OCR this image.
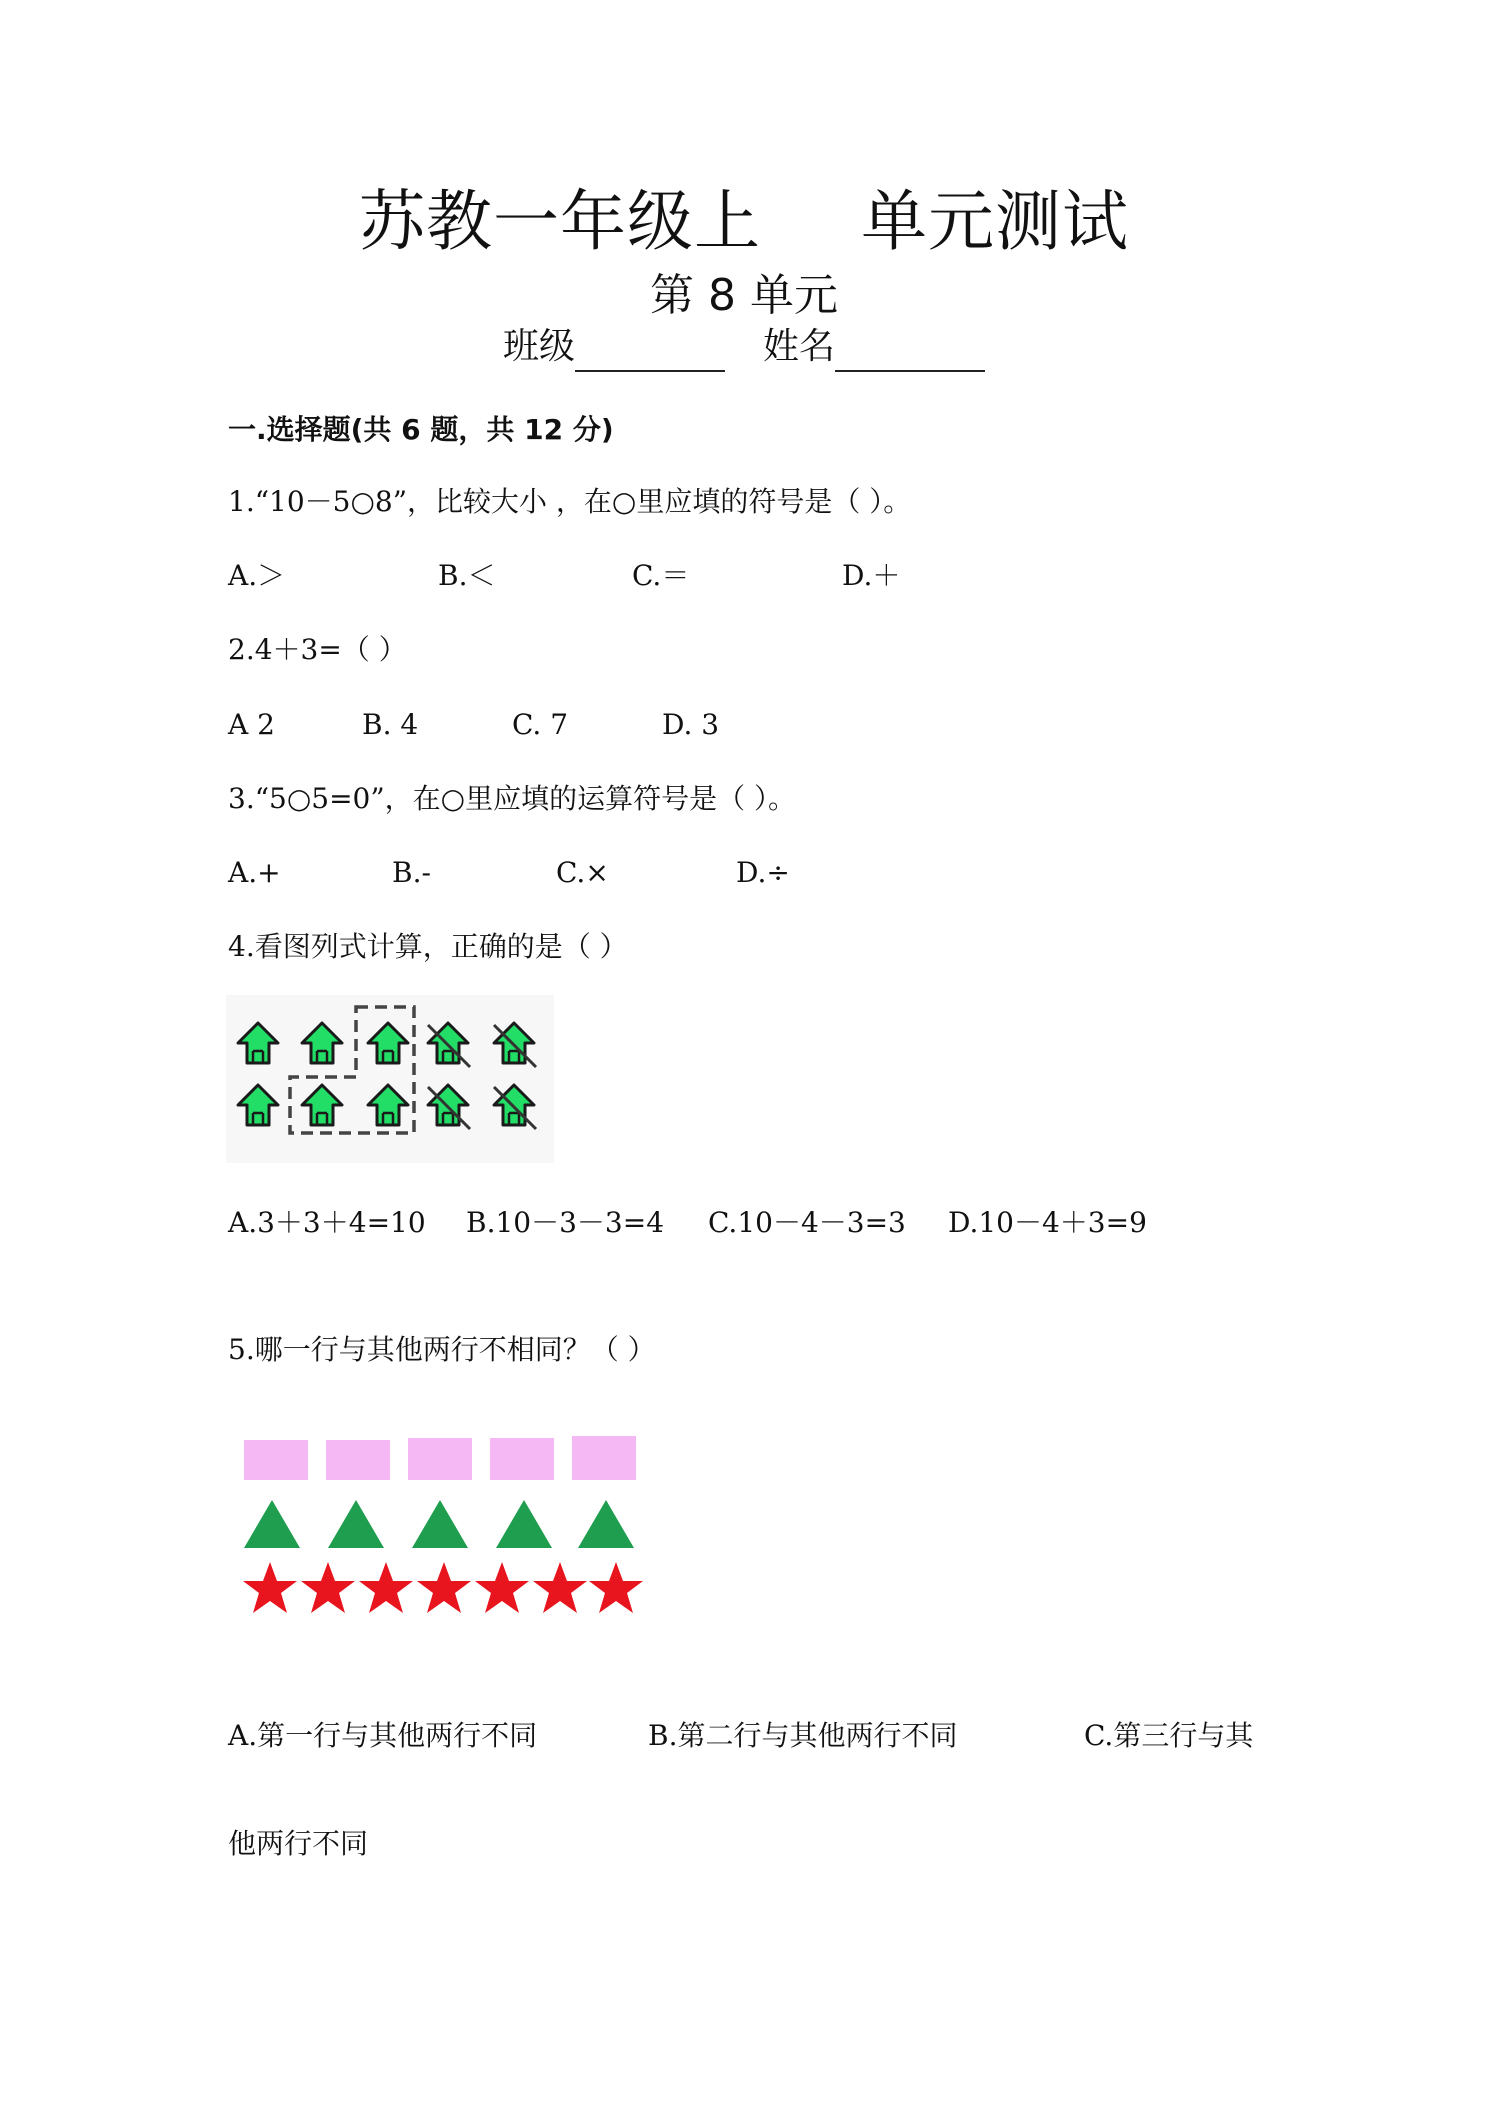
苏教一年级上 单元测试
第 8 单元
班级	姓名
一.选择题(共 6 题，共 12 分)
1.“10－5○8”，比较大小 ，在○里应填的符号是（ ）。
A.＞	B.＜	C.＝	D.＋
2.4＋3=（ ）
A 2	B. 4	C. 7	D. 3
3.“5○5=0”，在○里应填的运算符号是（ ）。
A.+	B.-	C.×	D.÷
4.看图列式计算，正确的是（ ）
A.3＋3＋4=10 B.10－3－3=4 C.10－4－3=3 D.10－4＋3=9
5.哪一行与其他两行不相同？（ ）
A.第一行与其他两行不同	B.第二行与其他两行不同	C.第三行与其
他两行不同
